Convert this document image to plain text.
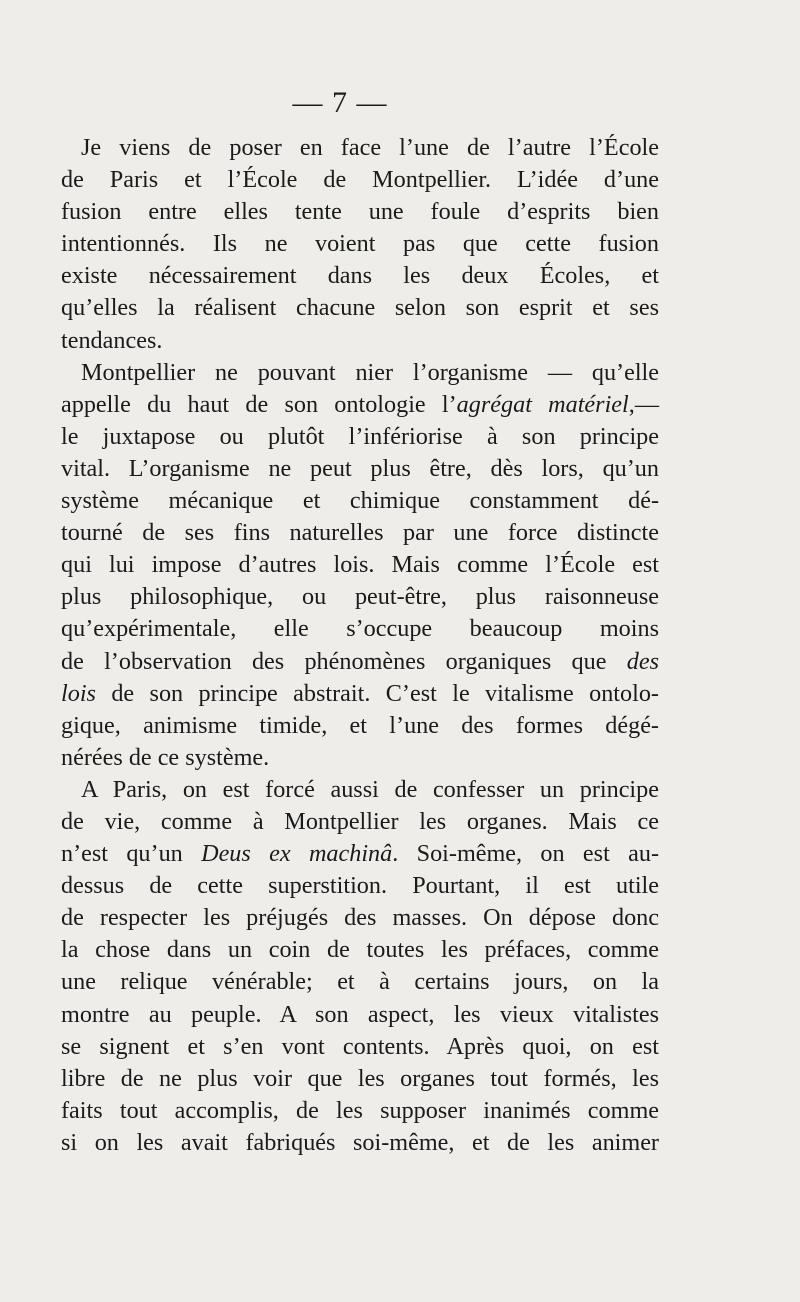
— 7 —
Je viens de poser en face l’une de l’autre l’École
de Paris et l’École de Montpellier. L’idée d’une
fusion entre elles tente une foule d’esprits bien
intentionnés. Ils ne voient pas que cette fusion
existe nécessairement dans les deux Écoles, et
qu’elles la réalisent chacune selon son esprit et ses
tendances.
Montpellier ne pouvant nier l’organisme — qu’elle
appelle du haut de son ontologie l’agrégat matériel,—
le juxtapose ou plutôt l’infériorise à son principe
vital. L’organisme ne peut plus être, dès lors, qu’un
système mécanique et chimique constamment dé-
tourné de ses fins naturelles par une force distincte
qui lui impose d’autres lois. Mais comme l’École est
plus philosophique, ou peut-être, plus raisonneuse
qu’expérimentale, elle s’occupe beaucoup moins
de l’observation des phénomènes organiques que des
lois de son principe abstrait. C’est le vitalisme ontolo-
gique, animisme timide, et l’une des formes dégé-
nérées de ce système.
A Paris, on est forcé aussi de confesser un principe
de vie, comme à Montpellier les organes. Mais ce
n’est qu’un Deus ex machinâ. Soi-même, on est au-
dessus de cette superstition. Pourtant, il est utile
de respecter les préjugés des masses. On dépose donc
la chose dans un coin de toutes les préfaces, comme
une relique vénérable; et à certains jours, on la
montre au peuple. A son aspect, les vieux vitalistes
se signent et s’en vont contents. Après quoi, on est
libre de ne plus voir que les organes tout formés, les
faits tout accomplis, de les supposer inanimés comme
si on les avait fabriqués soi-même, et de les animer
